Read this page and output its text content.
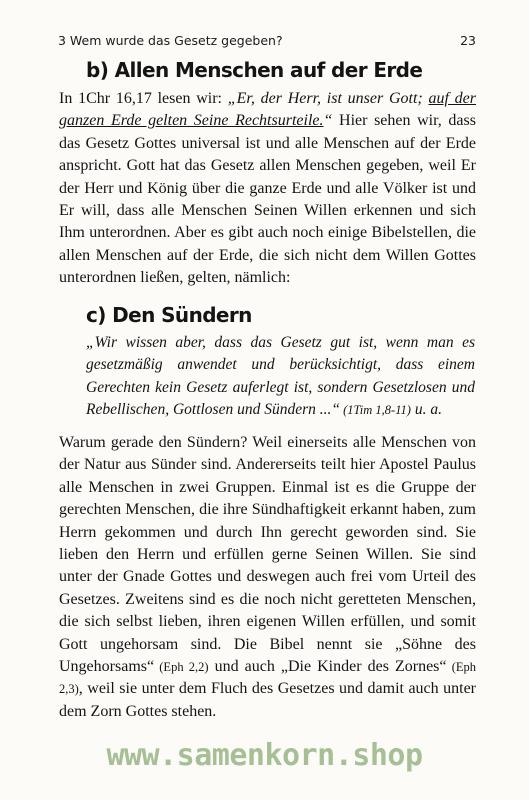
3 Wem wurde das Gesetz gegeben?	23
b) Allen Menschen auf der Erde
In 1Chr 16,17 lesen wir: „Er, der Herr, ist unser Gott; auf der ganzen Erde gelten Seine Rechtsurteile.“ Hier sehen wir, dass das Gesetz Gottes universal ist und alle Menschen auf der Erde anspricht. Gott hat das Gesetz allen Menschen gegeben, weil Er der Herr und König über die ganze Erde und alle Völker ist und Er will, dass alle Menschen Seinen Willen erkennen und sich Ihm unterordnen. Aber es gibt auch noch einige Bibelstellen, die allen Menschen auf der Erde, die sich nicht dem Willen Gottes unterordnen ließen, gelten, nämlich:
c) Den Sündern
„Wir wissen aber, dass das Gesetz gut ist, wenn man es gesetzmäßig anwendet und berücksichtigt, dass einem Gerechten kein Gesetz auferlegt ist, sondern Gesetzlosen und Rebellischen, Gottlosen und Sündern ...“ (1Tim 1,8-11) u. a.
Warum gerade den Sündern? Weil einerseits alle Menschen von der Natur aus Sünder sind. Andererseits teilt hier Apostel Paulus alle Menschen in zwei Gruppen. Einmal ist es die Gruppe der gerechten Menschen, die ihre Sündhaftigkeit erkannt haben, zum Herrn gekommen und durch Ihn gerecht geworden sind. Sie lieben den Herrn und erfüllen gerne Seinen Willen. Sie sind unter der Gnade Gottes und deswegen auch frei vom Urteil des Gesetzes. Zweitens sind es die noch nicht geretteten Menschen, die sich selbst lieben, ihren eigenen Willen erfüllen, und somit Gott ungehorsam sind. Die Bibel nennt sie „Söhne des Ungehorsams“ (Eph 2,2) und auch „Die Kinder des Zornes“ (Eph 2,3), weil sie unter dem Fluch des Gesetzes und damit auch unter dem Zorn Gottes stehen.
www.samenkorn.shop
